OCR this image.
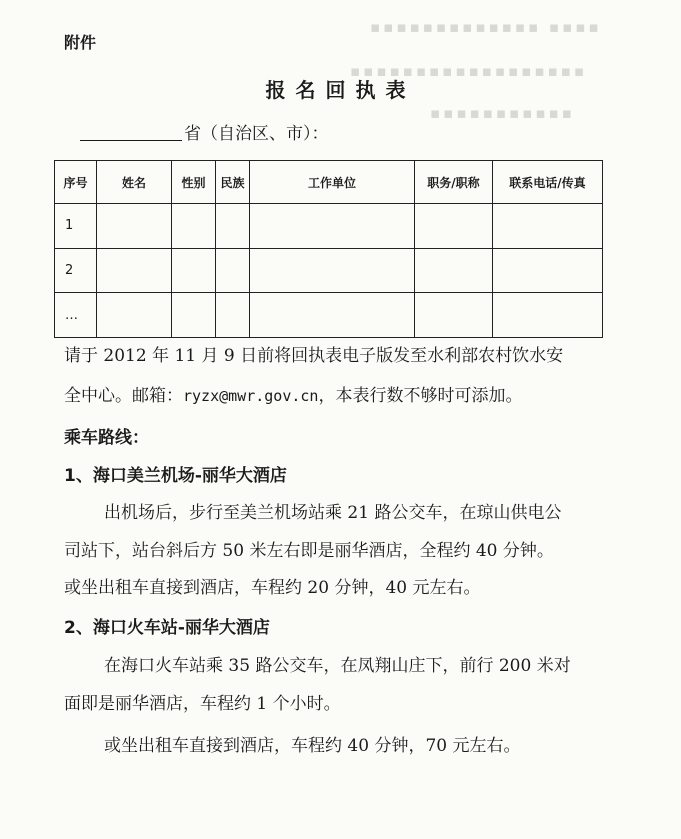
▪▪▪▪▪▪▪▪▪▪▪▪▪ ▪▪▪▪
▪▪▪▪▪▪▪▪▪▪▪▪▪▪▪▪▪▪
▪▪▪▪▪▪▪▪▪▪▪
附件
报名回执表
省（自治区、市）：
序号	姓名	性别	民族	工作单位	职务/职称	联系电话/传真
1						
2						
…						
请于 2012 年 11 月 9 日前将回执表电子版发至水利部农村饮水安
全中心。邮箱：ryzx@mwr.gov.cn，本表行数不够时可添加。
乘车路线：
1、海口美兰机场-丽华大酒店
出机场后，步行至美兰机场站乘 21 路公交车，在琼山供电公
司站下，站台斜后方 50 米左右即是丽华酒店，全程约 40 分钟。
或坐出租车直接到酒店，车程约 20 分钟，40 元左右。
2、海口火车站-丽华大酒店
在海口火车站乘 35 路公交车，在凤翔山庄下，前行 200 米对
面即是丽华酒店，车程约 1 个小时。
或坐出租车直接到酒店，车程约 40 分钟，70 元左右。
